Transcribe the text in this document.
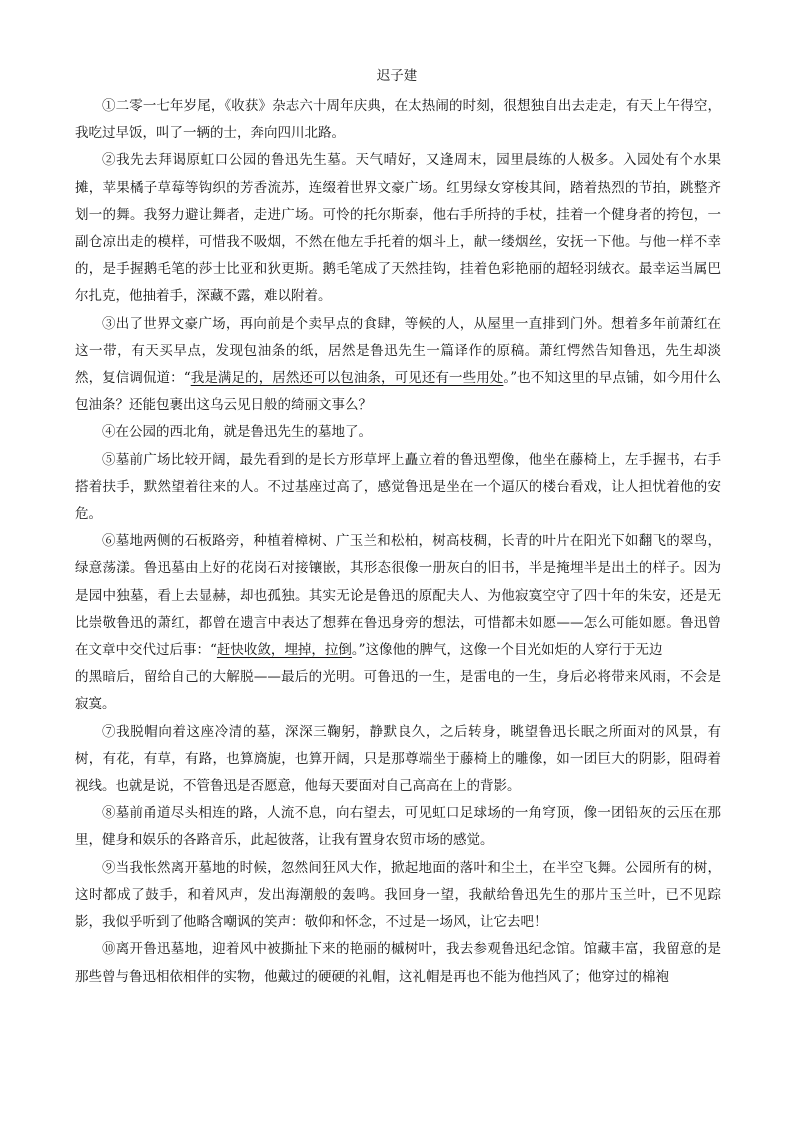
迟子建

①二零一七年岁尾，《收获》杂志六十周年庆典，在太热闹的时刻，很想独自出去走走，有天上午得空，我吃过早饭，叫了一辆的士，奔向四川北路。

②我先去拜谒原虹口公园的鲁迅先生墓。天气晴好，又逢周末，园里晨练的人极多。入园处有个水果摊，苹果橘子草莓等钩织的芳香流苏，连缀着世界文豪广场。红男绿女穿梭其间，踏着热烈的节拍，跳整齐划一的舞。我努力避让舞者，走进广场。可怜的托尔斯泰，他右手所持的手杖，挂着一个健身者的挎包，一副仓凉出走的模样，可惜我不吸烟，不然在他左手托着的烟斗上，献一缕烟丝，安抚一下他。与他一样不幸的，是手握鹅毛笔的莎士比亚和狄更斯。鹅毛笔成了天然挂钩，挂着色彩艳丽的超轻羽绒衣。最幸运当属巴尔扎克，他抽着手，深藏不露，难以附着。

③出了世界文豪广场，再向前是个卖早点的食肆，等候的人，从屋里一直排到门外。想着多年前萧红在这一带，有天买早点，发现包油条的纸，居然是鲁迅先生一篇译作的原稿。萧红愕然告知鲁迅，先生却淡然，复信调侃道：“我是满足的，居然还可以包油条，可见还有一些用处。”也不知这里的早点铺，如今用什么包油条？还能包裹出这乌云见日般的绮丽文事么？

④在公园的西北角，就是鲁迅先生的墓地了。

⑤墓前广场比较开阔，最先看到的是长方形草坪上矗立着的鲁迅塑像，他坐在藤椅上，左手握书，右手搭着扶手，默然望着往来的人。不过基座过高了，感觉鲁迅是坐在一个逼仄的楼台看戏，让人担忧着他的安危。

⑥墓地两侧的石板路旁，种植着樟树、广玉兰和松柏，树高枝稠，长青的叶片在阳光下如翻飞的翠鸟，绿意荡漾。鲁迅墓由上好的花岗石对接镶嵌，其形态很像一册灰白的旧书，半是掩埋半是出土的样子。因为是园中独墓，看上去显赫，却也孤独。其实无论是鲁迅的原配夫人、为他寂寞空守了四十年的朱安，还是无比崇敬鲁迅的萧红，都曾在遗言中表达了想葬在鲁迅身旁的想法，可惜都未如愿——怎么可能如愿。鲁迅曾在文章中交代过后事：“赶快收敛，埋掉，拉倒。”这像他的脾气，这像一个目光如炬的人穿行于无边

的黑暗后，留给自己的大解脱——最后的光明。可鲁迅的一生，是雷电的一生，身后必将带来风雨，不会是寂寞。

⑦我脱帽向着这座冷清的墓，深深三鞠躬，静默良久，之后转身，眺望鲁迅长眠之所面对的风景，有树，有花，有草，有路，也算旖旎，也算开阔，只是那尊端坐于藤椅上的雕像，如一团巨大的阴影，阻碍着视线。也就是说，不管鲁迅是否愿意，他每天要面对自己高高在上的背影。

⑧墓前甬道尽头相连的路，人流不息，向右望去，可见虹口足球场的一角穹顶，像一团铅灰的云压在那里，健身和娱乐的各路音乐，此起彼落，让我有置身农贸市场的感觉。

⑨当我怅然离开墓地的时候，忽然间狂风大作，掀起地面的落叶和尘土，在半空飞舞。公园所有的树，这时都成了鼓手，和着风声，发出海潮般的轰鸣。我回身一望，我献给鲁迅先生的那片玉兰叶，已不见踪影，我似乎听到了他略含嘲讽的笑声：敬仰和怀念，不过是一场风，让它去吧！

⑩离开鲁迅墓地，迎着风中被撕扯下来的艳丽的槭树叶，我去参观鲁迅纪念馆。馆藏丰富，我留意的是那些曾与鲁迅相依相伴的实物，他戴过的硬硬的礼帽，这礼帽是再也不能为他挡风了；他穿过的棉袍
